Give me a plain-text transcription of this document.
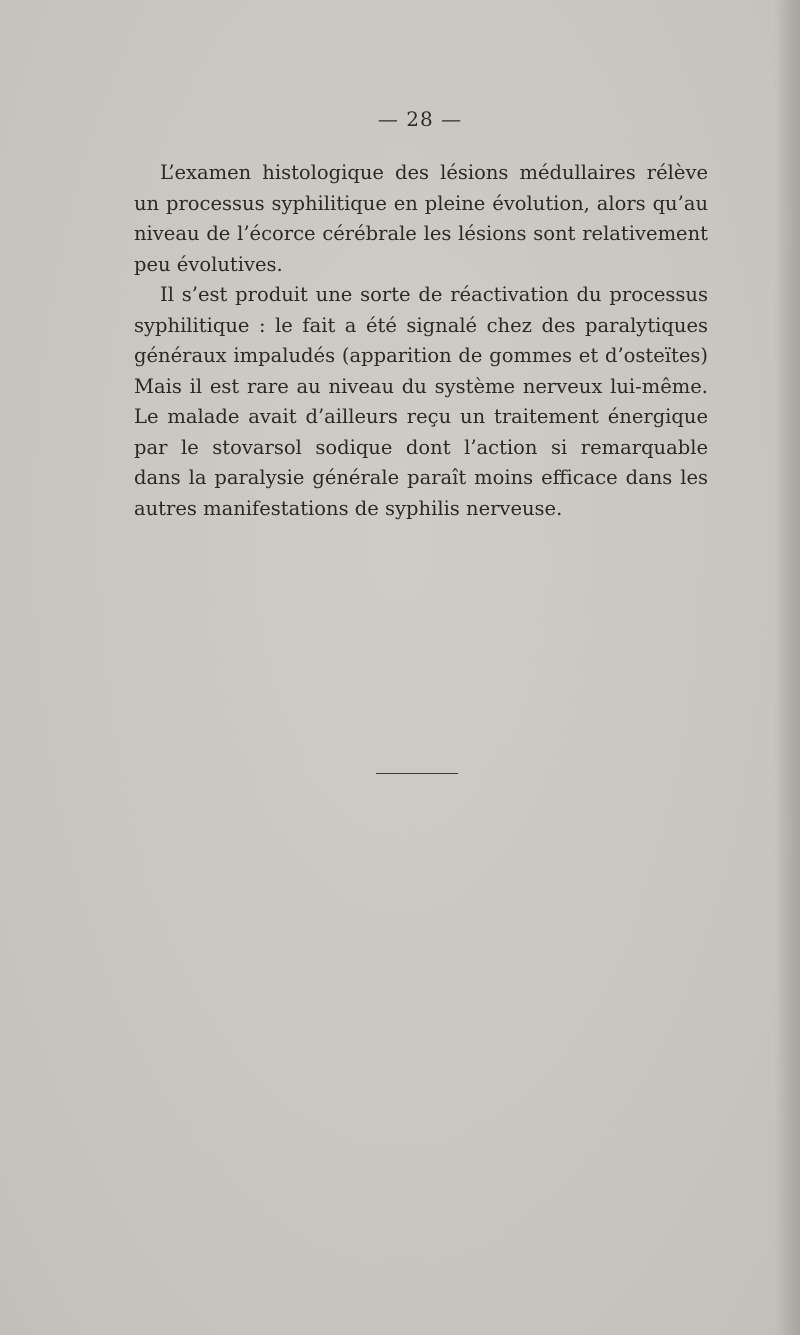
— 28 —

L’examen histologique des lésions médullaires rélève un processus syphilitique en pleine évolution, alors qu’au niveau de l’écorce cérébrale les lésions sont relativement peu évolutives.

Il s’est produit une sorte de réactivation du processus syphilitique : le fait a été signalé chez des paralytiques généraux impaludés (apparition de gommes et d’osteïtes) Mais il est rare au niveau du système nerveux lui-même. Le malade avait d’ailleurs reçu un traitement énergique par le stovarsol sodique dont l’action si remarquable dans la paralysie générale paraît moins efficace dans les autres manifestations de syphilis nerveuse.
